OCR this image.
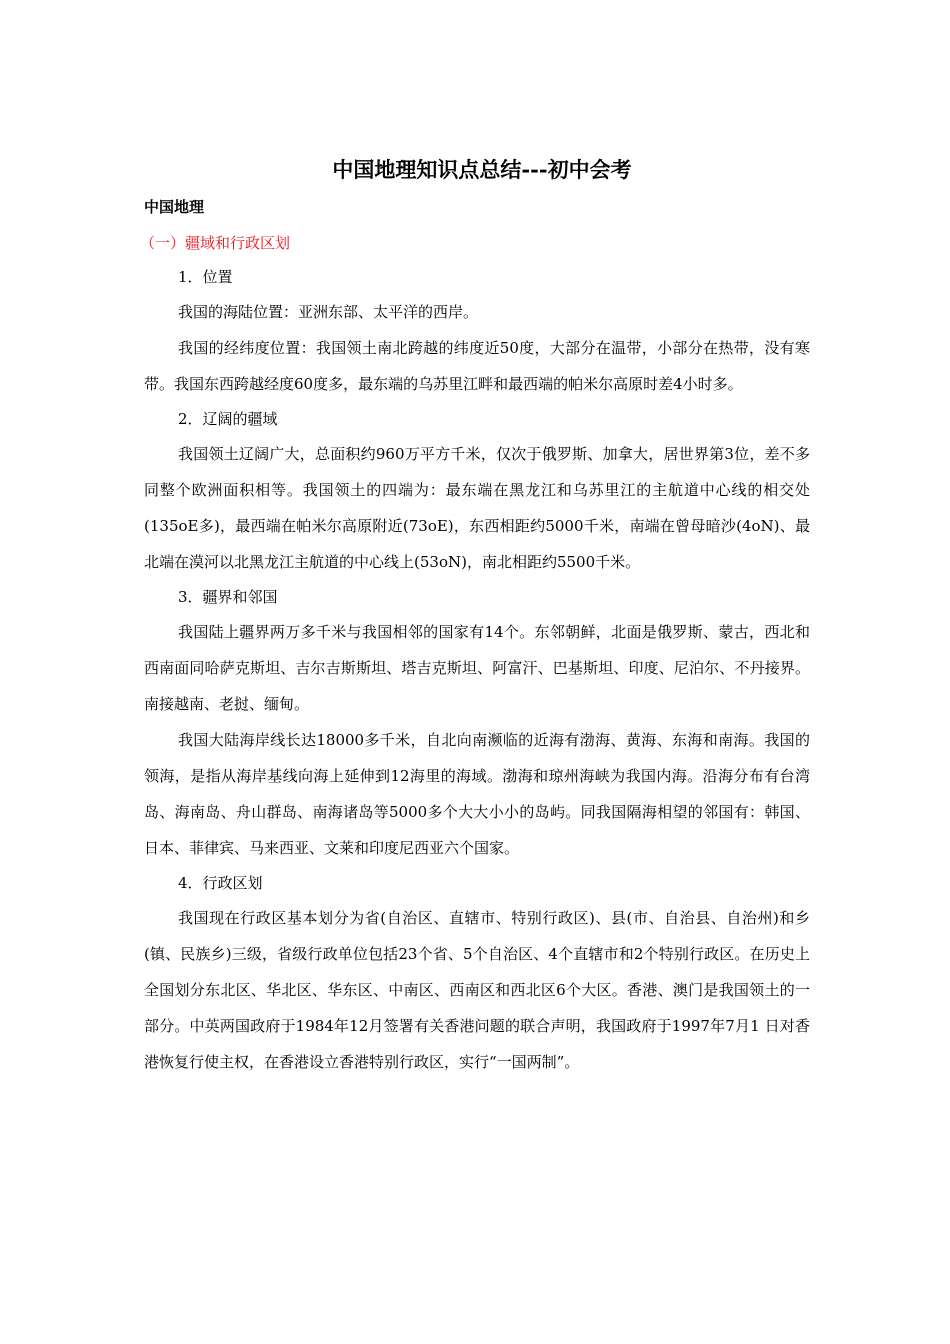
中国地理知识点总结---初中会考
中国地理
（一）疆域和行政区划
1．位置

我国的海陆位置：亚洲东部、太平洋的西岸。

我国的经纬度位置：我国领土南北跨越的纬度近50度，大部分在温带，小部分在热带，没有寒带。我国东西跨越经度60度多，最东端的乌苏里江畔和最西端的帕米尔高原时差4小时多。

2．辽阔的疆域

我国领土辽阔广大，总面积约960万平方千米，仅次于俄罗斯、加拿大，居世界第3位，差不多同整个欧洲面积相等。我国领土的四端为：最东端在黑龙江和乌苏里江的主航道中心线的相交处(135oE多)，最西端在帕米尔高原附近(73oE)，东西相距约5000千米，南端在曾母暗沙(4oN)、最北端在漠河以北黑龙江主航道的中心线上(53oN)，南北相距约5500千米。

3．疆界和邻国

我国陆上疆界两万多千米与我国相邻的国家有14个。东邻朝鲜，北面是俄罗斯、蒙古，西北和西南面同哈萨克斯坦、吉尔吉斯斯坦、塔吉克斯坦、阿富汗、巴基斯坦、印度、尼泊尔、不丹接界。南接越南、老挝、缅甸。

我国大陆海岸线长达18000多千米，自北向南濒临的近海有渤海、黄海、东海和南海。我国的领海，是指从海岸基线向海上延伸到12海里的海域。渤海和琼州海峡为我国内海。沿海分布有台湾岛、海南岛、舟山群岛、南海诸岛等5000多个大大小小的岛屿。同我国隔海相望的邻国有：韩国、日本、菲律宾、马来西亚、文莱和印度尼西亚六个国家。

4．行政区划

我国现在行政区基本划分为省(自治区、直辖市、特别行政区)、县(市、自治县、自治州)和乡(镇、民族乡)三级，省级行政单位包括23个省、5个自治区、4个直辖市和2个特别行政区。在历史上全国划分东北区、华北区、华东区、中南区、西南区和西北区6个大区。香港、澳门是我国领土的一部分。中英两国政府于1984年12月签署有关香港问题的联合声明，我国政府于1997年7月1 日对香港恢复行使主权，在香港设立香港特别行政区，实行“一国两制”。
